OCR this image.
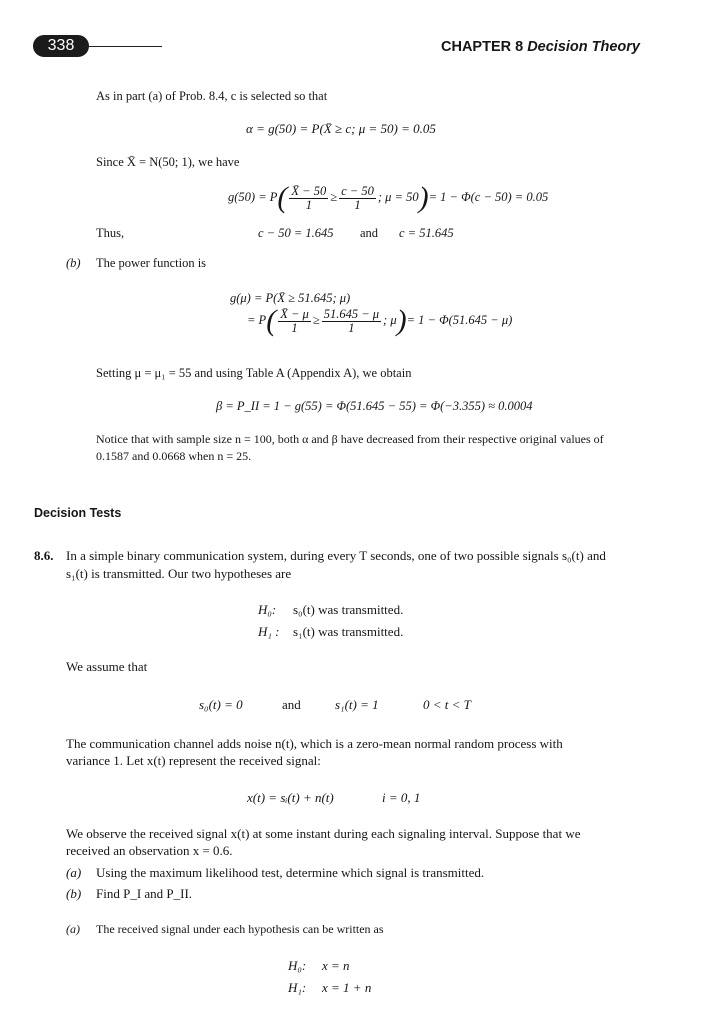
338	CHAPTER 8 Decision Theory
As in part (a) of Prob. 8.4, c is selected so that
α = g(50) = P(X̄ ≥ c; μ = 50) = 0.05
Since X̄ = N(50; 1), we have
$g(50) = P( \frac{X̄ - 50}{1} \ge \frac{c - 50}{1}$ ; μ = 50)= 1 − Φ(c − 50) = 0.05
Thus,	c − 50 = 1.645 and c = 51.645
(b) The power function is
g(μ) = P(X̄ ≥ 51.645; μ)
= $P( \frac{X̄ - \mu}{1} \ge \frac{51.645 - \mu}{1}$ ; μ)= 1 − Φ(51.645 − μ)
Setting μ = μ₁ = 55 and using Table A (Appendix A), we obtain
β = P_II = 1 − g(55) = Φ(51.645 − 55) = Φ(−3.355) ≈ 0.0004
Notice that with sample size n = 100, both α and β have decreased from their respective original values of
0.1587 and 0.0668 when n = 25.
Decision Tests
8.6. In a simple binary communication system, during every T seconds, one of two possible signals s₀(t) and
s₁(t) is transmitted. Our two hypotheses are
H₀: s₀(t) was transmitted.
H₁ : s₁(t) was transmitted.
We assume that
s₀(t) = 0	and	s₁(t) = 1	0 < t < T
The communication channel adds noise n(t), which is a zero-mean normal random process with
variance 1. Let x(t) represent the received signal:
x(t) = sᵢ(t) + n(t)	i = 0, 1
We observe the received signal x(t) at some instant during each signaling interval. Suppose that we
received an observation x = 0.6.
(a) Using the maximum likelihood test, determine which signal is transmitted.
(b) Find P_I and P_II.
(a) The received signal under each hypothesis can be written as
H₀: x = n
H₁: x = 1 + n
